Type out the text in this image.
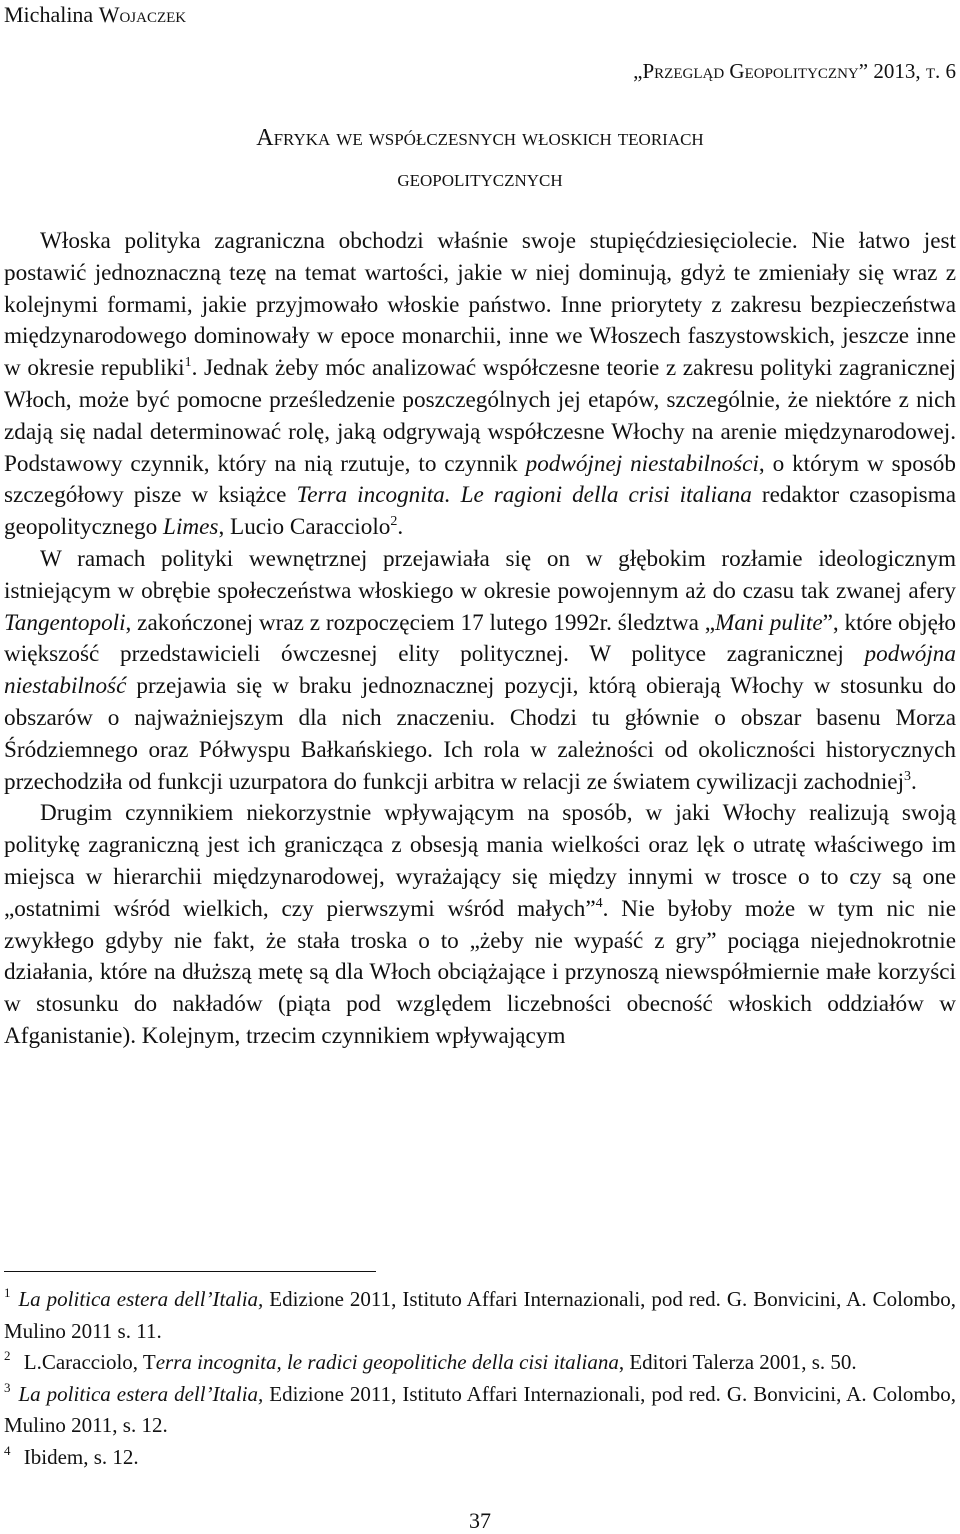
Michalina Wojaczek
„Przegląd Geopolityczny” 2013, t. 6
Afryka we współczesnych włoskich teoriach
geopolitycznych

Włoska polityka zagraniczna obchodzi właśnie swoje stupięćdziesięciolecie. Nie łatwo jest postawić jednoznaczną tezę na temat wartości, jakie w niej dominują, gdyż te zmieniały się wraz z kolejnymi formami, jakie przyjmowało włoskie państwo. Inne priorytety z zakresu bezpieczeństwa międzynarodowego dominowały w epoce monarchii, inne we Włoszech faszystowskich, jeszcze inne w okresie republiki$^1$. Jednak żeby móc analizować współczesne teorie z zakresu polityki zagranicznej Włoch, może być pomocne prześledzenie poszczególnych jej etapów, szczególnie, że niektóre z nich zdają się nadal determinować rolę, jaką odgrywają współczesne Włochy na arenie międzynarodowej. Podstawowy czynnik, który na nią rzutuje, to czynnik podwójnej niestabilności, o którym w sposób szczegółowy pisze w książce Terra incognita. Le ragioni della crisi italiana redaktor czasopisma geopolitycznego Limes, Lucio Caracciolo$^2$.

W ramach polityki wewnętrznej przejawiała się on w głębokim rozłamie ideologicznym istniejącym w obrębie społeczeństwa włoskiego w okresie powojennym aż do czasu tak zwanej afery Tangentopoli, zakończonej wraz z rozpoczęciem 17 lutego 1992r. śledztwa „Mani pulite”, które objęło większość przedstawicieli ówczesnej elity politycznej. W polityce zagranicznej podwójna niestabilność przejawia się w braku jednoznacznej pozycji, którą obierają Włochy w stosunku do obszarów o najważniejszym dla nich znaczeniu. Chodzi tu głównie o obszar basenu Morza Śródziemnego oraz Półwyspu Bałkańskiego. Ich rola w zależności od okoliczności historycznych przechodziła od funkcji uzurpatora do funkcji arbitra w relacji ze światem cywilizacji zachodniej$^3$.

Drugim czynnikiem niekorzystnie wpływającym na sposób, w jaki Włochy realizują swoją politykę zagraniczną jest ich granicząca z obsesją mania wielkości oraz lęk o utratę właściwego im miejsca w hierarchii międzynarodowej, wyrażający się między innymi w trosce o to czy są one „ostatnimi wśród wielkich, czy pierwszymi wśród małych”$^4$. Nie byłoby może w tym nic nie zwykłego gdyby nie fakt, że stała troska o to „żeby nie wypaść z gry” pociąga niejednokrotnie działania, które na dłuższą metę są dla Włoch obciążające i przynoszą niewspółmiernie małe korzyści w stosunku do nakładów (piąta pod względem liczebności obecność włoskich oddziałów w Afganistanie). Kolejnym, trzecim czynnikiem wpływającym

$^1$ La politica estera dell’Italia, Edizione 2011, Istituto Affari Internazionali, pod red. G. Bonvicini, A. Colombo, Mulino 2011 s. 11.

$^2$ L.Caracciolo, Terra incognita, le radici geopolitiche della cisi italiana, Editori Talerza 2001, s. 50.

$^3$ La politica estera dell’Italia, Edizione 2011, Istituto Affari Internazionali, pod red. G. Bonvicini, A. Colombo, Mulino 2011, s. 12.

$^4$ Ibidem, s. 12.

37
